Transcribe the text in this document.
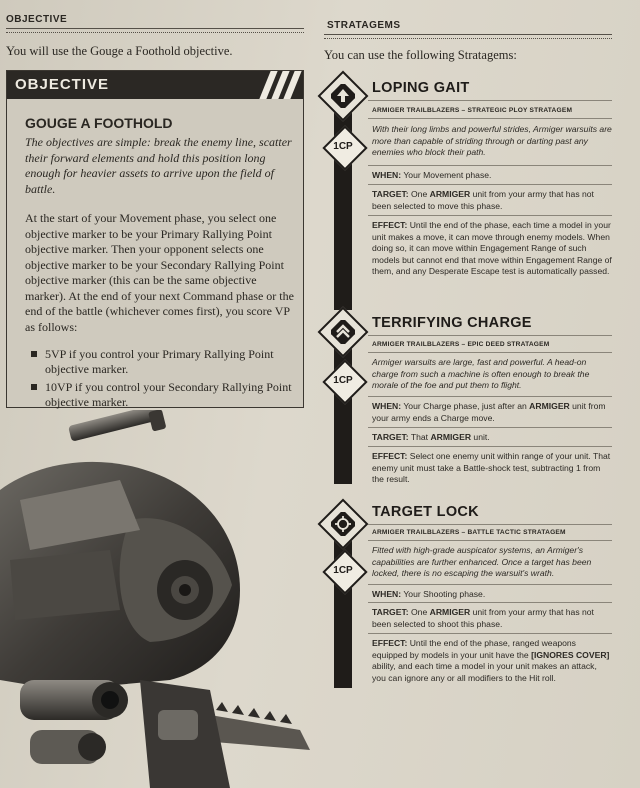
OBJECTIVE
You will use the Gouge a Foothold objective.
OBJECTIVE
GOUGE A FOOTHOLD
The objectives are simple: break the enemy line, scatter their forward elements and hold this position long enough for heavier assets to arrive upon the field of battle.
At the start of your Movement phase, you select one objective marker to be your Primary Rallying Point objective marker. Then your opponent selects one objective marker to be your Secondary Rallying Point objective marker (this can be the same objective marker). At the end of your next Command phase or the end of the battle (whichever comes first), you score VP as follows:
5VP if you control your Primary Rallying Point objective marker.
10VP if you control your Secondary Rallying Point objective marker.
STRATAGEMS
You can use the following Stratagems:
1CP
LOPING GAIT
ARMIGER TRAILBLAZERS – STRATEGIC PLOY STRATAGEM
With their long limbs and powerful strides, Armiger warsuits are more than capable of striding through or darting past any enemies who block their path.
WHEN: Your Movement phase.
TARGET: One ARMIGER unit from your army that has not been selected to move this phase.
EFFECT: Until the end of the phase, each time a model in your unit makes a move, it can move through enemy models. When doing so, it can move within Engagement Range of such models but cannot end that move within Engagement Range of them, and any Desperate Escape test is automatically passed.
1CP
TERRIFYING CHARGE
ARMIGER TRAILBLAZERS – EPIC DEED STRATAGEM
Armiger warsuits are large, fast and powerful. A head-on charge from such a machine is often enough to break the morale of the foe and put them to flight.
WHEN: Your Charge phase, just after an ARMIGER unit from your army ends a Charge move.
TARGET: That ARMIGER unit.
EFFECT: Select one enemy unit within range of your unit. That enemy unit must take a Battle-shock test, subtracting 1 from the result.
1CP
TARGET LOCK
ARMIGER TRAILBLAZERS – BATTLE TACTIC STRATAGEM
Fitted with high-grade auspicator systems, an Armiger's capabilities are further enhanced. Once a target has been locked, there is no escaping the warsuit's wrath.
WHEN: Your Shooting phase.
TARGET: One ARMIGER unit from your army that has not been selected to shoot this phase.
EFFECT: Until the end of the phase, ranged weapons equipped by models in your unit have the [IGNORES COVER] ability, and each time a model in your unit makes an attack, you can ignore any or all modifiers to the Hit roll.
